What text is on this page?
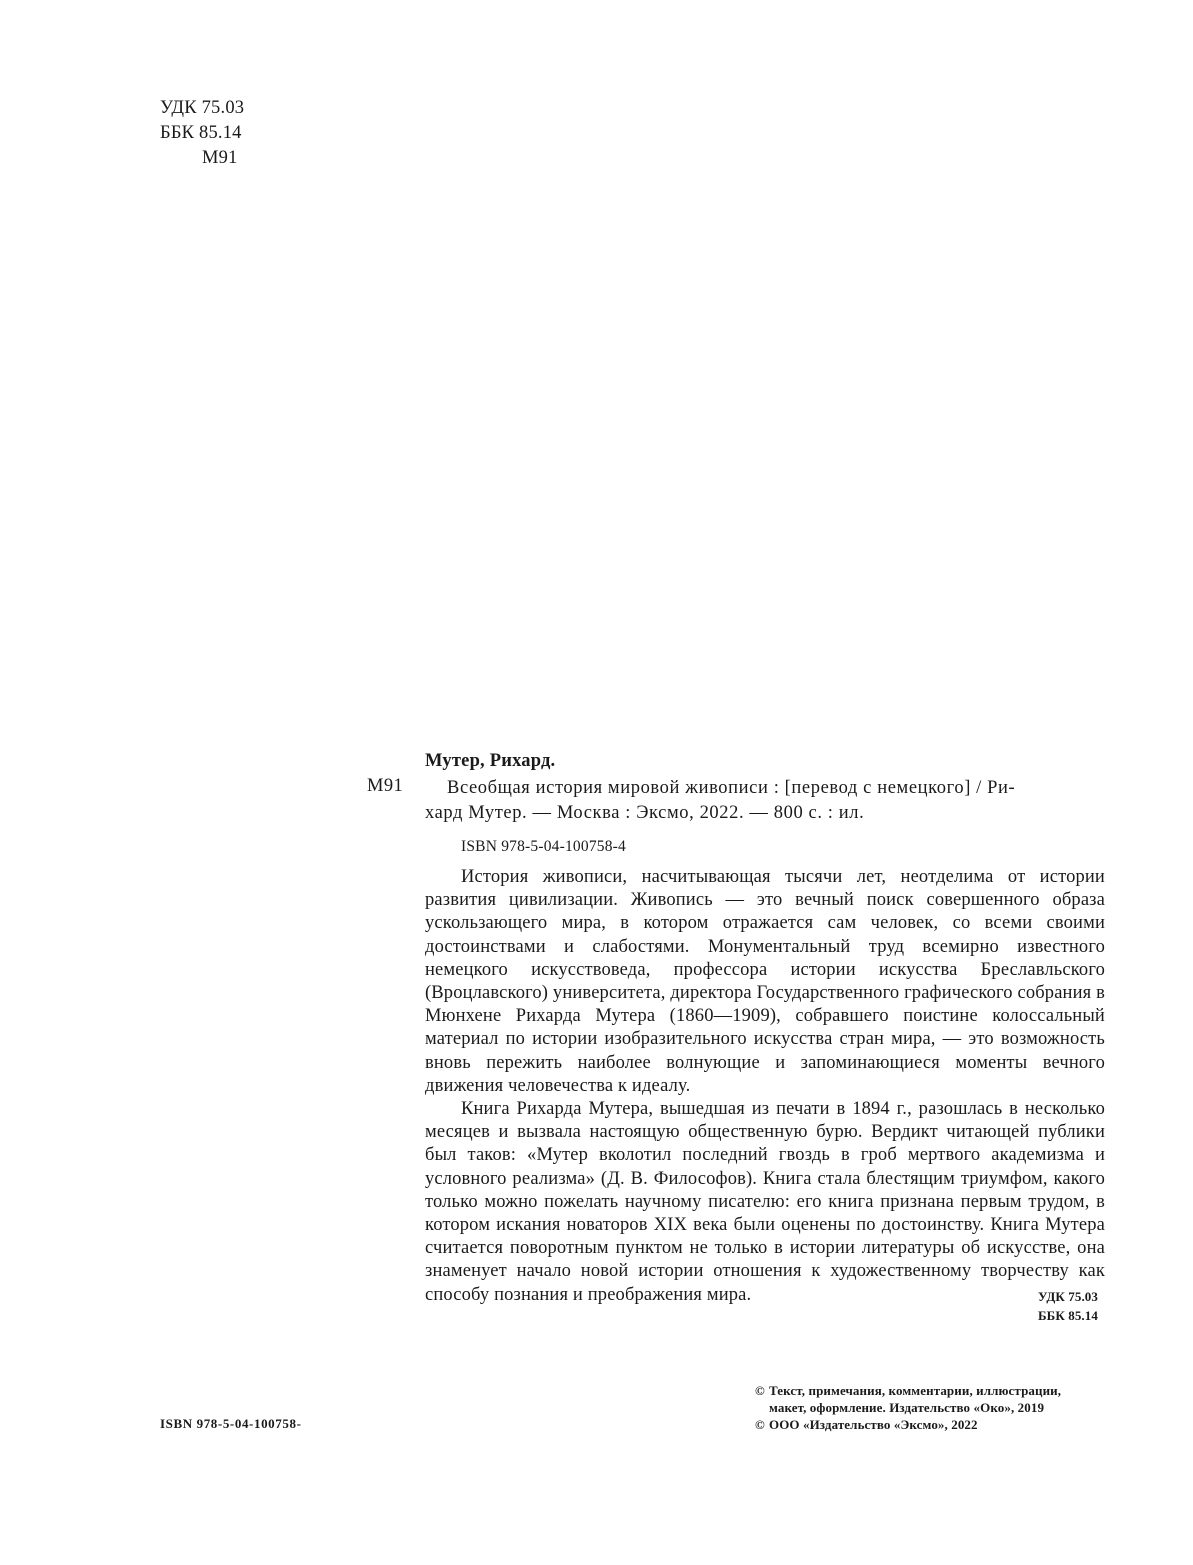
УДК 75.03
ББК 85.14
М91
Мутер, Рихард.
М91	Всеобщая история мировой живописи : [перевод с немецкого] / Ри-
хард Мутер. — Москва : Эксмо, 2022. — 800 с. : ил.
ISBN 978-5-04-100758-4

История живописи, насчитывающая тысячи лет, неотделима от истории развития цивилизации. Живопись — это вечный поиск совершенного образа ускользающего мира, в котором отражается сам человек, со всеми своими достоинствами и слабостями. Монументальный труд всемирно известного немецкого искусствоведа, профессора истории искусства Бреславльского (Вроцлавского) университета, директора Государственного графического собрания в Мюнхене Рихарда Мутера (1860—1909), собравшего поистине колоссальный материал по истории изобразительного искусства стран мира, — это возможность вновь пережить наиболее волнующие и запоминающиеся моменты вечного движения человечества к идеалу.

Книга Рихарда Мутера, вышедшая из печати в 1894 г., разошлась в несколько месяцев и вызвала настоящую общественную бурю. Вердикт читающей публики был таков: «Мутер вколотил последний гвоздь в гроб мертвого академизма и условного реализма» (Д. В. Философов). Книга стала блестящим триумфом, какого только можно пожелать научному писателю: его книга признана первым трудом, в котором искания новаторов XIX века были оценены по достоинству. Книга Мутера считается поворотным пунктом не только в истории литературы об искусстве, она знаменует начало новой истории отношения к художественному творчеству как способу познания и преображения мира.	УДК 75.03
ББК 85.14
© Текст, примечания, комментарии, иллюстрации,
макет, оформление. Издательство «Око», 2019
© ООО «Издательство «Эксмо», 2022
ISBN 978-5-04-100758-
